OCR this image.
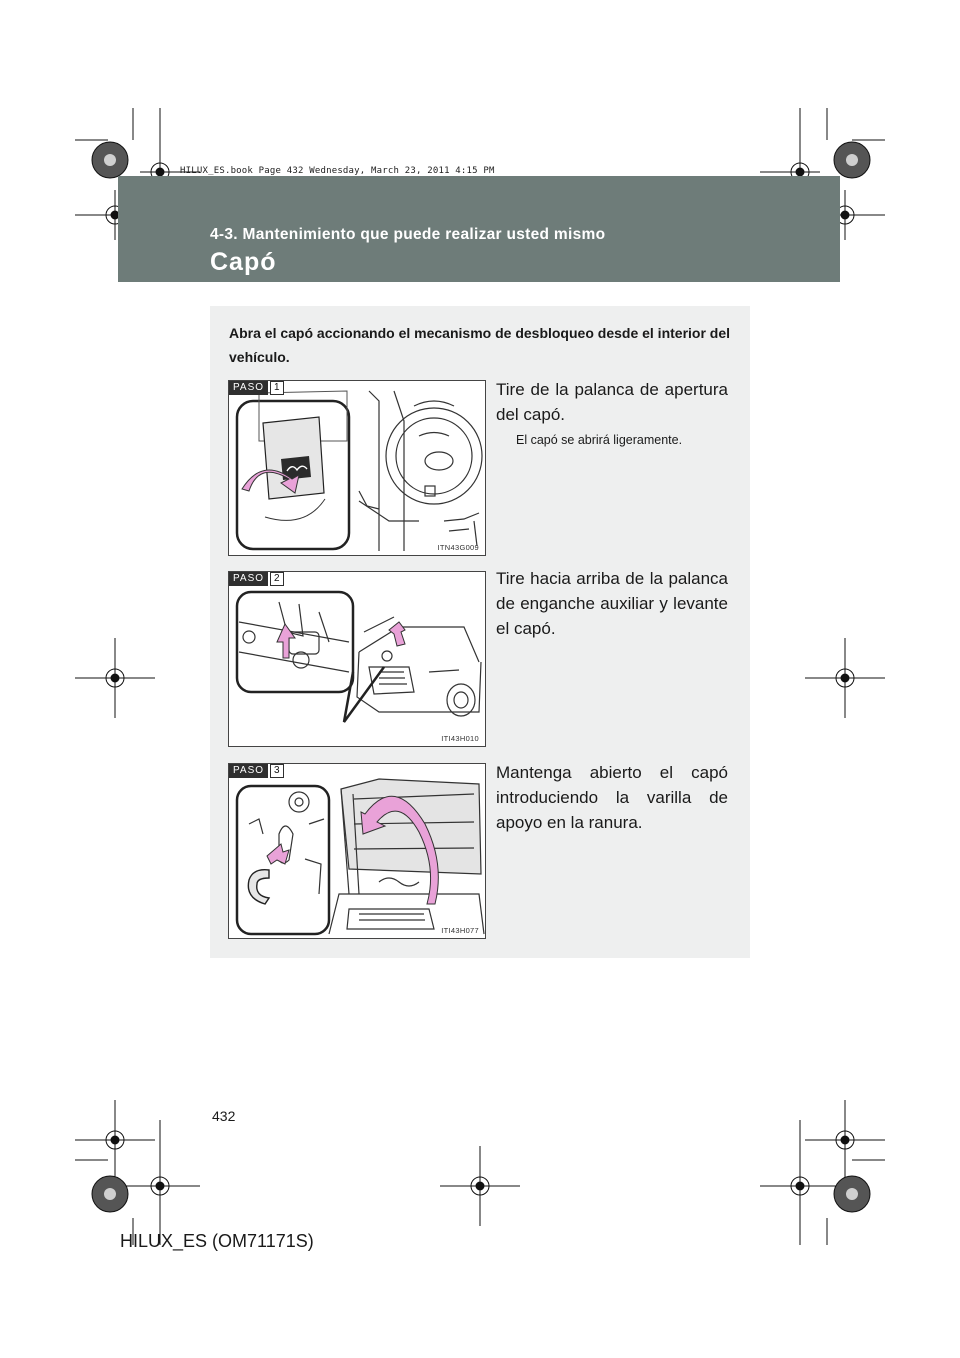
HILUX_ES.book Page 432 Wednesday, March 23, 2011 4:15 PM
4-3. Mantenimiento que puede realizar usted mismo
Capó

Abra el capó accionando el mecanismo de desbloqueo desde el interior del vehículo.

PASO	1
ITN43G009

Tire de la palanca de apertura del capó.

El capó se abrirá ligeramente.
PASO	2
ITI43H010

Tire hacia arriba de la palanca de enganche auxiliar y levante el capó.

PASO	3
ITI43H077

Mantenga abierto el capó introduciendo la varilla de apoyo en la ranura.

432
HILUX_ES (OM71171S)
